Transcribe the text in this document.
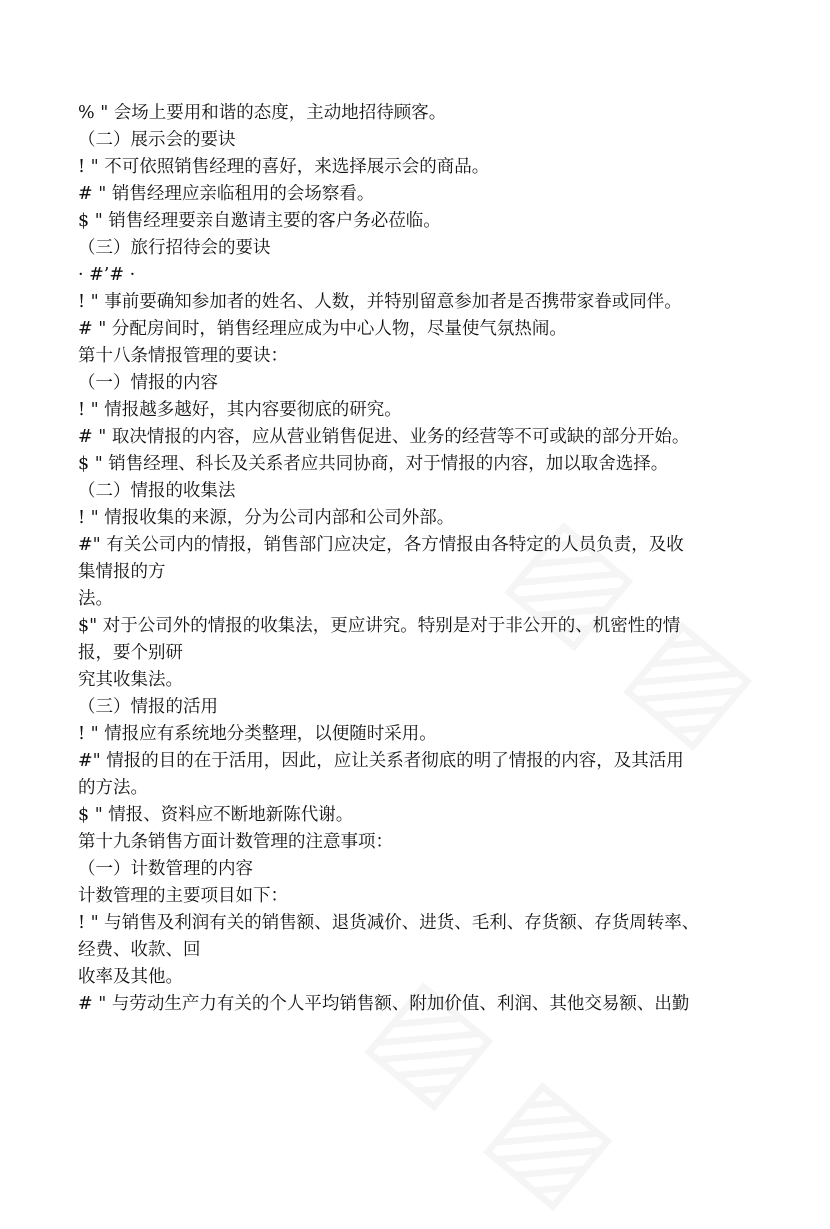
% " 会场上要用和谐的态度，主动地招待顾客。
（二）展示会的要诀
! " 不可依照销售经理的喜好，来选择展示会的商品。
# " 销售经理应亲临租用的会场察看。
$ " 销售经理要亲自邀请主要的客户务必莅临。
（三）旅行招待会的要诀
· #’# ·
! " 事前要确知参加者的姓名、人数，并特别留意参加者是否携带家眷或同伴。
# " 分配房间时，销售经理应成为中心人物，尽量使气氛热闹。
第十八条情报管理的要诀：
（一）情报的内容
! " 情报越多越好，其内容要彻底的研究。
# " 取决情报的内容，应从营业销售促进、业务的经营等不可或缺的部分开始。
$ " 销售经理、科长及关系者应共同协商，对于情报的内容，加以取舍选择。
（二）情报的收集法
! " 情报收集的来源，分为公司内部和公司外部。
#" 有关公司内的情报，销售部门应决定，各方情报由各特定的人员负责，及收
集情报的方
法。
$" 对于公司外的情报的收集法，更应讲究。特别是对于非公开的、机密性的情
报，要个别研
究其收集法。
（三）情报的活用
! " 情报应有系统地分类整理，以便随时采用。
#" 情报的目的在于活用，因此，应让关系者彻底的明了情报的内容，及其活用
的方法。
$ " 情报、资料应不断地新陈代谢。
第十九条销售方面计数管理的注意事项：
（一）计数管理的内容
计数管理的主要项目如下：
! " 与销售及利润有关的销售额、退货减价、进货、毛利、存货额、存货周转率、
经费、收款、回
收率及其他。
# " 与劳动生产力有关的个人平均销售额、附加价值、利润、其他交易额、出勤
